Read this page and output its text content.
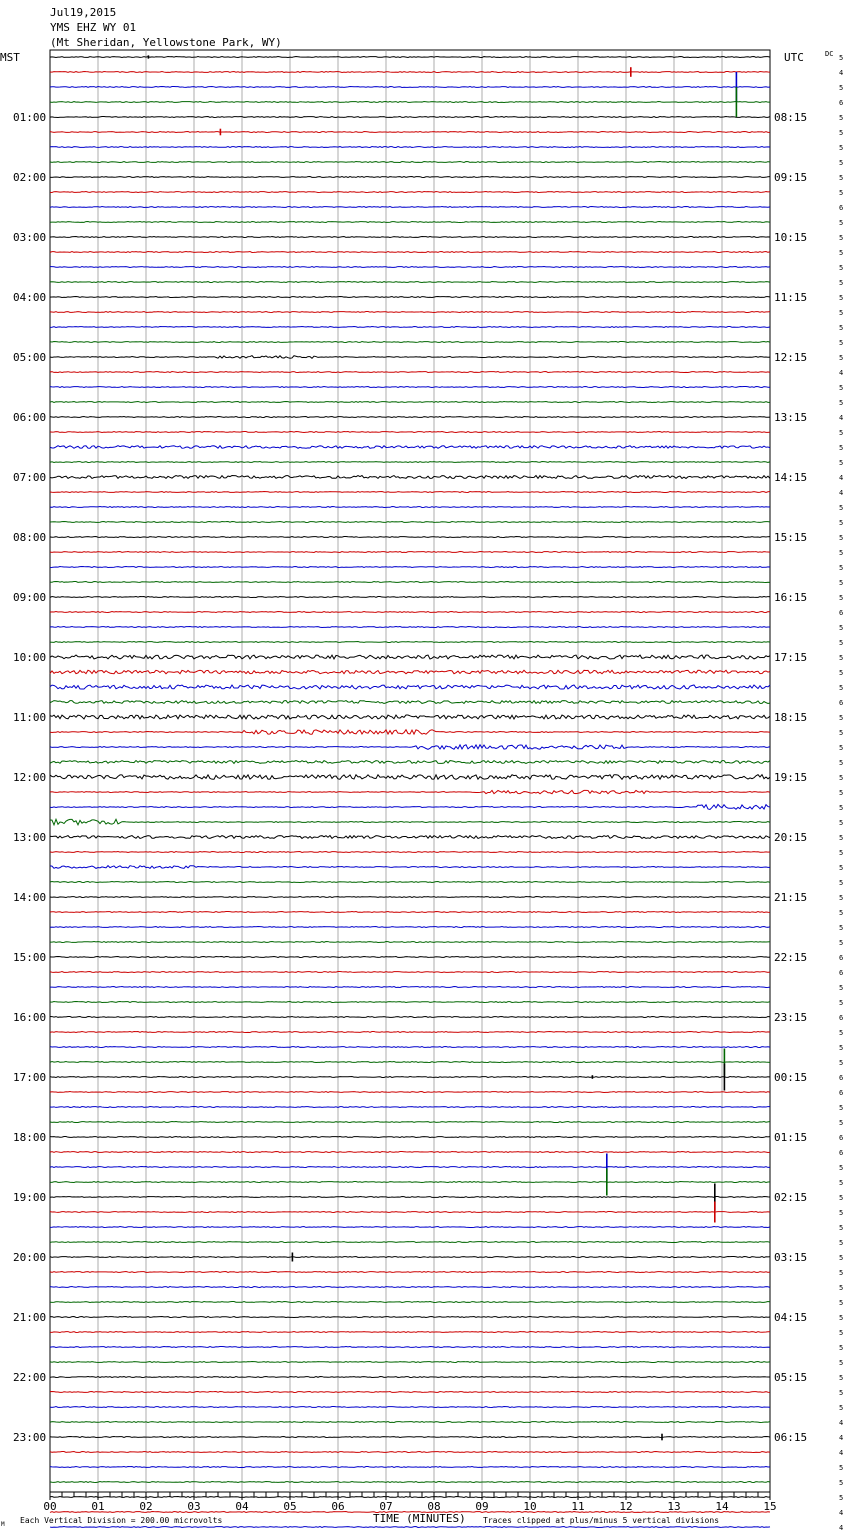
Jul19,2015
YMS EHZ WY 01
(Mt Sheridan, Yellowstone Park, WY)
01:00
02:00
03:00
04:00
05:00
06:00
07:00
08:00
09:00
10:00
11:00
12:00
13:00
14:00
15:00
16:00
17:00
18:00
19:00
20:00
21:00
22:00
23:00
08:15
09:15
10:15
11:15
12:15
13:15
14:15
15:15
16:15
17:15
18:15
19:15
20:15
21:15
22:15
23:15
00:15
01:15
02:15
03:15
04:15
05:15
06:15
5
4
5
6
5
5
5
5
5
5
6
5
5
5
5
5
5
5
5
5
5
4
5
5
4
5
5
5
4
4
5
5
5
5
5
5
5
6
5
5
5
5
5
6
5
5
5
5
5
5
5
5
5
5
5
5
5
5
5
5
6
6
5
5
6
5
5
5
6
6
5
5
6
6
5
5
5
5
5
5
5
5
5
5
5
5
5
5
5
5
5
4
4
4
5
5
5
4
4
00	01	02	03	04	05	06	07	08	09	10	11	12	13	14	15
MST	UTC	DC
M Each Vertical Division = 200.00 microvolts	TIME (MINUTES) Traces clipped at plus/minus 5 vertical divisions
